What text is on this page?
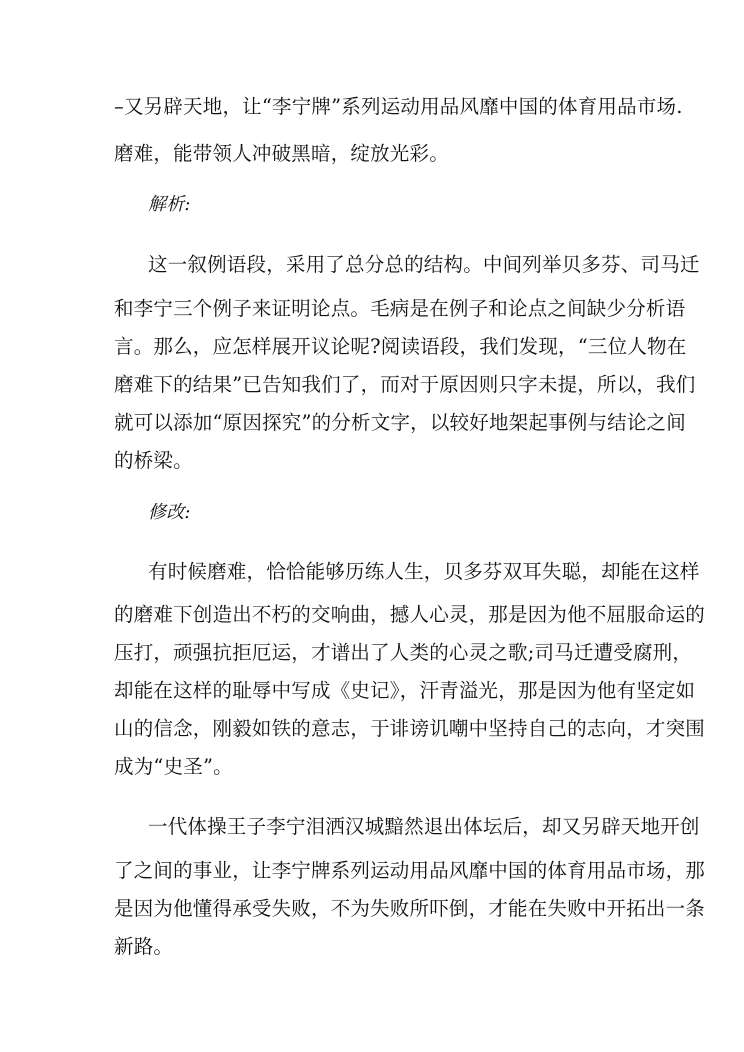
–又另辟天地，让“李宁牌”系列运动用品风靡中国的体育用品市场.
磨难，能带领人冲破黑暗，绽放光彩。
解析:
这一叙例语段，采用了总分总的结构。中间列举贝多芬、司马迁
和李宁三个例子来证明论点。毛病是在例子和论点之间缺少分析语
言。那么，应怎样展开议论呢?阅读语段，我们发现，“三位人物在
磨难下的结果”已告知我们了，而对于原因则只字未提，所以，我们
就可以添加“原因探究”的分析文字，以较好地架起事例与结论之间
的桥梁。
修改:
有时候磨难，恰恰能够历练人生，贝多芬双耳失聪，却能在这样
的磨难下创造出不朽的交响曲，撼人心灵，那是因为他不屈服命运的
压打，顽强抗拒厄运，才谱出了人类的心灵之歌;司马迁遭受腐刑，
却能在这样的耻辱中写成《史记》，汗青溢光，那是因为他有坚定如
山的信念，刚毅如铁的意志，于诽谤讥嘲中坚持自己的志向，才突围
成为“史圣”。
一代体操王子李宁泪洒汉城黯然退出体坛后，却又另辟天地开创
了之间的事业，让李宁牌系列运动用品风靡中国的体育用品市场，那
是因为他懂得承受失败，不为失败所吓倒，才能在失败中开拓出一条
新路。
